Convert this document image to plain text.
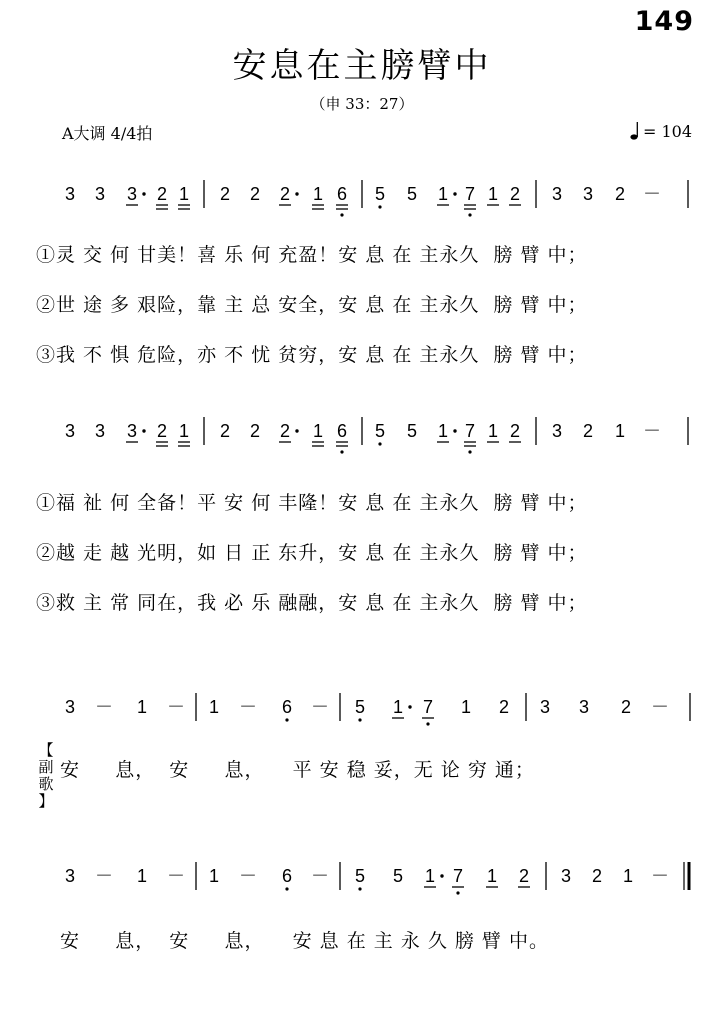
149
安息在主膀臂中
（申 33：27）
A大调 4/4拍	= 104
①灵 交 何 甘美！喜 乐 何 充盈！安 息 在 主永久  膀 臂 中；
②世 途 多 艰险，靠 主 总 安全，安 息 在 主永久  膀 臂 中；
③我 不 惧 危险，亦 不 忧 贫穷，安 息 在 主永久  膀 臂 中；
①福 祉 何 全备！平 安 何 丰隆！安 息 在 主永久  膀 臂 中；
②越 走 越 光明，如 日 正 东升，安 息 在 主永久  膀 臂 中；
③救 主 常 同在，我 必 乐 融融，安 息 在 主永久  膀 臂 中；
【
副歌
】
安     息，  安     息，    平 安 稳 妥，无 论 穷 通；
安     息，  安     息，    安 息 在 主 永 久 膀 臂 中。
3 3 3 2 1 2 2 2 1 6 5 5 1 7 1 2 3 3 2 －
3 3 3 2 1 2 2 2 1 6 5 5 1 7 1 2 3 2 1 －
3 － 1 － 1 － 6 － 5 1 7 1 2 3 3 2 －
3 － 1 － 1 － 6 － 5 5 1 7 1 2 3 2 1 －
